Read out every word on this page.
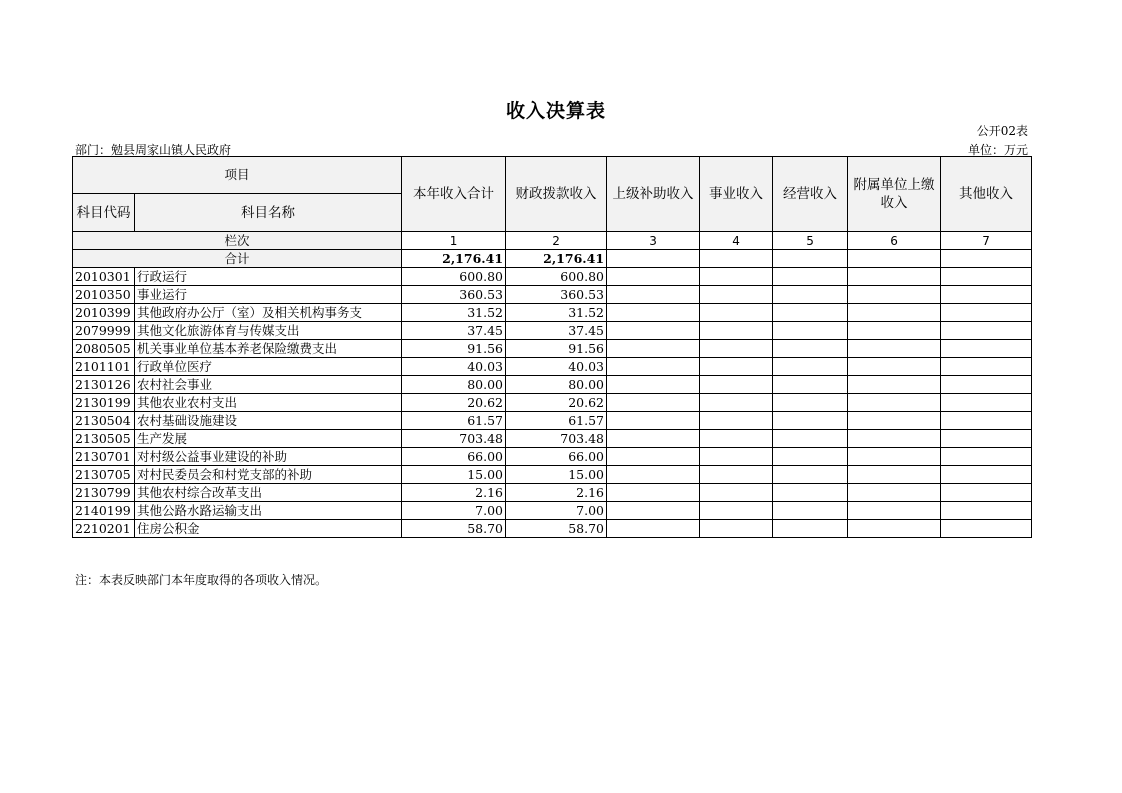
收入决算表
公开02表
部门：勉县周家山镇人民政府	单位：万元
项目		本年收入合计	财政拨款收入	上级补助收入	事业收入	经营收入	附属单位上缴收入	其他收入
科目代码	科目名称							
栏次		1	2	3	4	5	6	7
合计		2,176.41	2,176.41					
2010301	行政运行	600.80	600.80					
2010350	事业运行	360.53	360.53					
2010399	其他政府办公厅（室）及相关机构事务支	31.52	31.52					
2079999	其他文化旅游体育与传媒支出	37.45	37.45					
2080505	机关事业单位基本养老保险缴费支出	91.56	91.56					
2101101	行政单位医疗	40.03	40.03					
2130126	农村社会事业	80.00	80.00					
2130199	其他农业农村支出	20.62	20.62					
2130504	农村基础设施建设	61.57	61.57					
2130505	生产发展	703.48	703.48					
2130701	对村级公益事业建设的补助	66.00	66.00					
2130705	对村民委员会和村党支部的补助	15.00	15.00					
2130799	其他农村综合改革支出	2.16	2.16					
2140199	其他公路水路运输支出	7.00	7.00					
2210201	住房公积金	58.70	58.70					
注：本表反映部门本年度取得的各项收入情况。
